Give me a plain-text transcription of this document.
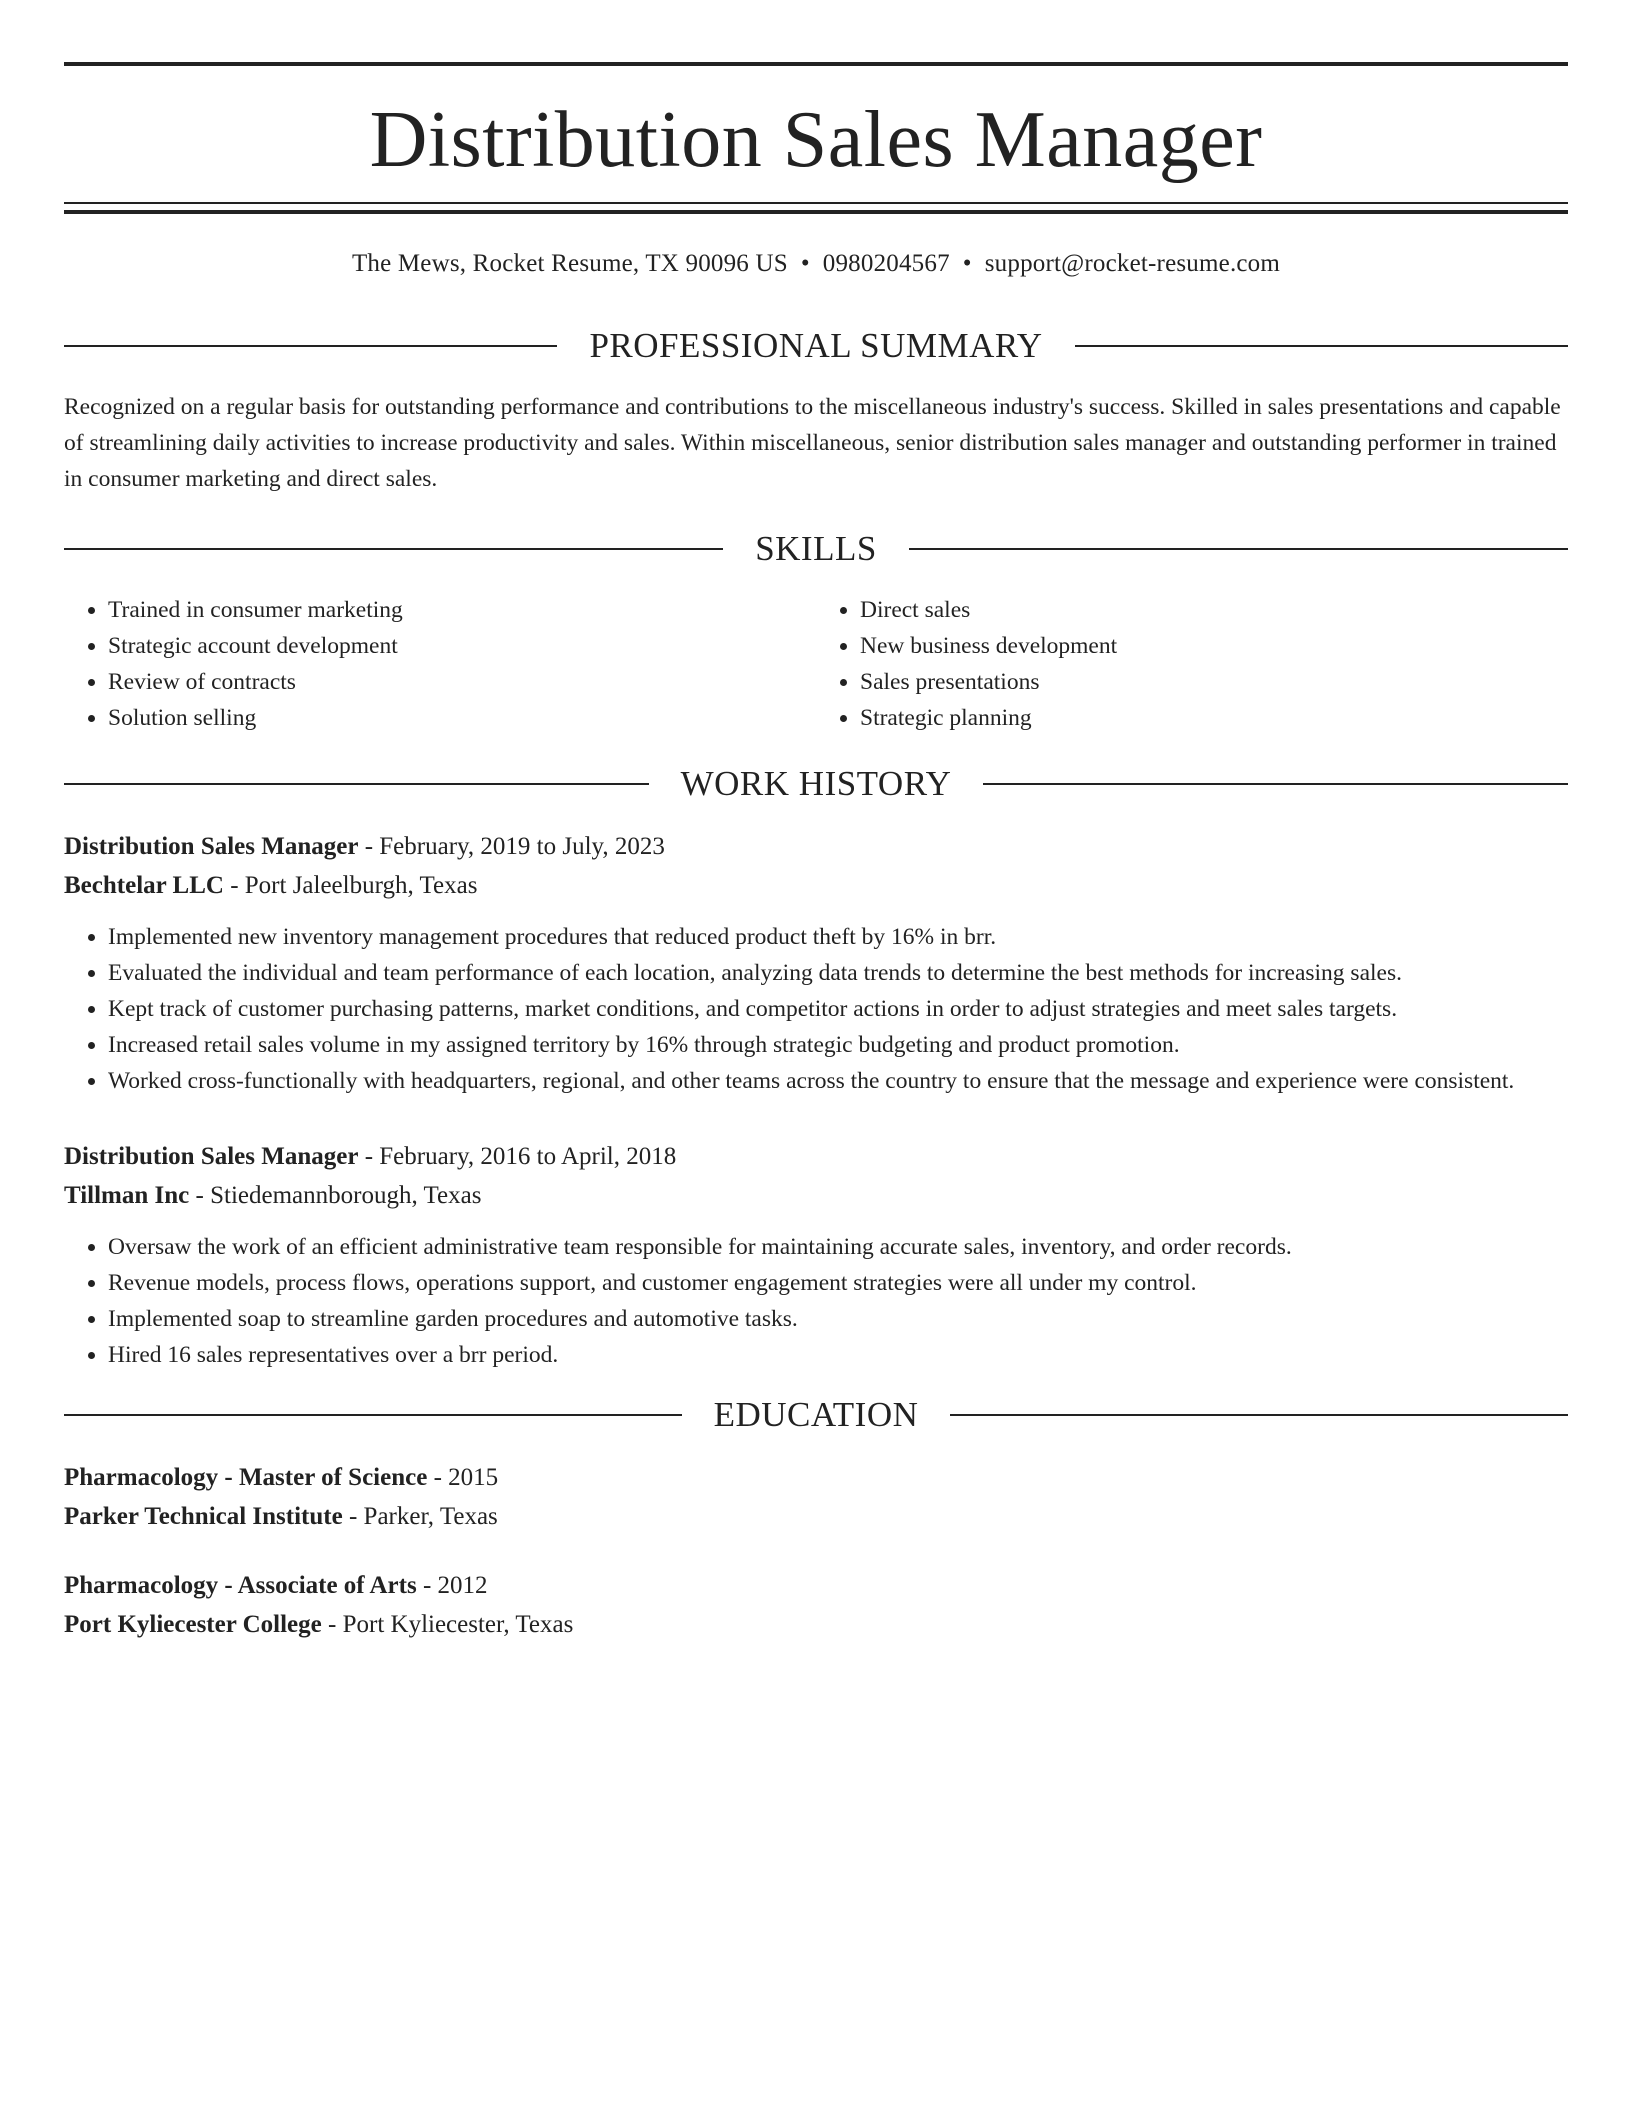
Distribution Sales Manager
The Mews, Rocket Resume, TX 90096 US • 0980204567 • support@rocket-resume.com
PROFESSIONAL SUMMARY
Recognized on a regular basis for outstanding performance and contributions to the miscellaneous industry's success. Skilled in sales presentations and capable of streamlining daily activities to increase productivity and sales. Within miscellaneous, senior distribution sales manager and outstanding performer in trained in consumer marketing and direct sales.
SKILLS
• Trained in consumer marketing
• Strategic account development
• Review of contracts
• Solution selling
• Direct sales
• New business development
• Sales presentations
• Strategic planning
WORK HISTORY
Distribution Sales Manager - February, 2019 to July, 2023
Bechtelar LLC - Port Jaleelburgh, Texas
• Implemented new inventory management procedures that reduced product theft by 16% in brr.
• Evaluated the individual and team performance of each location, analyzing data trends to determine the best methods for increasing sales.
• Kept track of customer purchasing patterns, market conditions, and competitor actions in order to adjust strategies and meet sales targets.
• Increased retail sales volume in my assigned territory by 16% through strategic budgeting and product promotion.
• Worked cross-functionally with headquarters, regional, and other teams across the country to ensure that the message and experience were consistent.
Distribution Sales Manager - February, 2016 to April, 2018
Tillman Inc - Stiedemannborough, Texas
• Oversaw the work of an efficient administrative team responsible for maintaining accurate sales, inventory, and order records.
• Revenue models, process flows, operations support, and customer engagement strategies were all under my control.
• Implemented soap to streamline garden procedures and automotive tasks.
• Hired 16 sales representatives over a brr period.
EDUCATION
Pharmacology - Master of Science - 2015
Parker Technical Institute - Parker, Texas
Pharmacology - Associate of Arts - 2012
Port Kyliecester College - Port Kyliecester, Texas
